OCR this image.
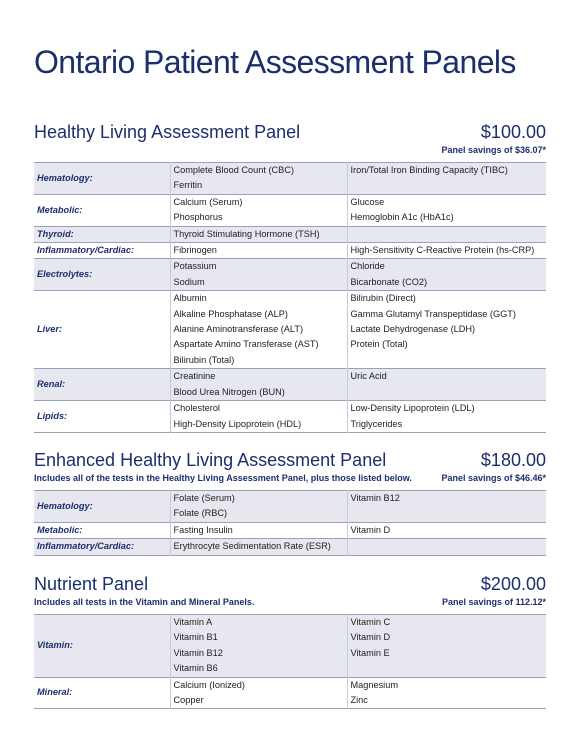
Ontario Patient Assessment Panels
Healthy Living Assessment Panel	$100.00
Panel savings of $36.07*
Hematology:	Complete Blood Count (CBC)	Iron/Total Iron Binding Capacity (TIBC)
	Ferritin	
Metabolic:	Calcium (Serum)	Glucose
	Phosphorus	Hemoglobin A1c (HbA1c)
Thyroid:	Thyroid Stimulating Hormone (TSH)	
Inflammatory/Cardiac:	Fibrinogen	High-Sensitivity C-Reactive Protein (hs-CRP)
Electrolytes:	Potassium	Chloride
	Sodium	Bicarbonate (CO2)
Liver:	Albumin	Bilirubin (Direct)
	Alkaline Phosphatase (ALP)	Gamma Glutamyl Transpeptidase (GGT)
	Alanine Aminotransferase (ALT)	Lactate Dehydrogenase (LDH)
	Aspartate Amino Transferase (AST)	Protein (Total)
	Bilirubin (Total)	
Renal:	Creatinine	Uric Acid
	Blood Urea Nitrogen (BUN)	
Lipids:	Cholesterol	Low-Density Lipoprotein (LDL)
	High-Density Lipoprotein (HDL)	Triglycerides
Enhanced Healthy Living Assessment Panel	$180.00
Includes all of the tests in the Healthy Living Assessment Panel, plus those listed below.	Panel savings of $46.46*
Hematology:	Folate (Serum)	Vitamin B12
	Folate (RBC)	
Metabolic:	Fasting Insulin	Vitamin D
Inflammatory/Cardiac:	Erythrocyte Sedimentation Rate (ESR)	
Nutrient Panel	$200.00
Includes all tests in the Vitamin and Mineral Panels.	Panel savings of 112.12*
Vitamin:	Vitamin A	Vitamin C
	Vitamin B1	Vitamin D
	Vitamin B12	Vitamin E
	Vitamin B6	
Mineral:	Calcium (Ionized)	Magnesium
	Copper	Zinc
